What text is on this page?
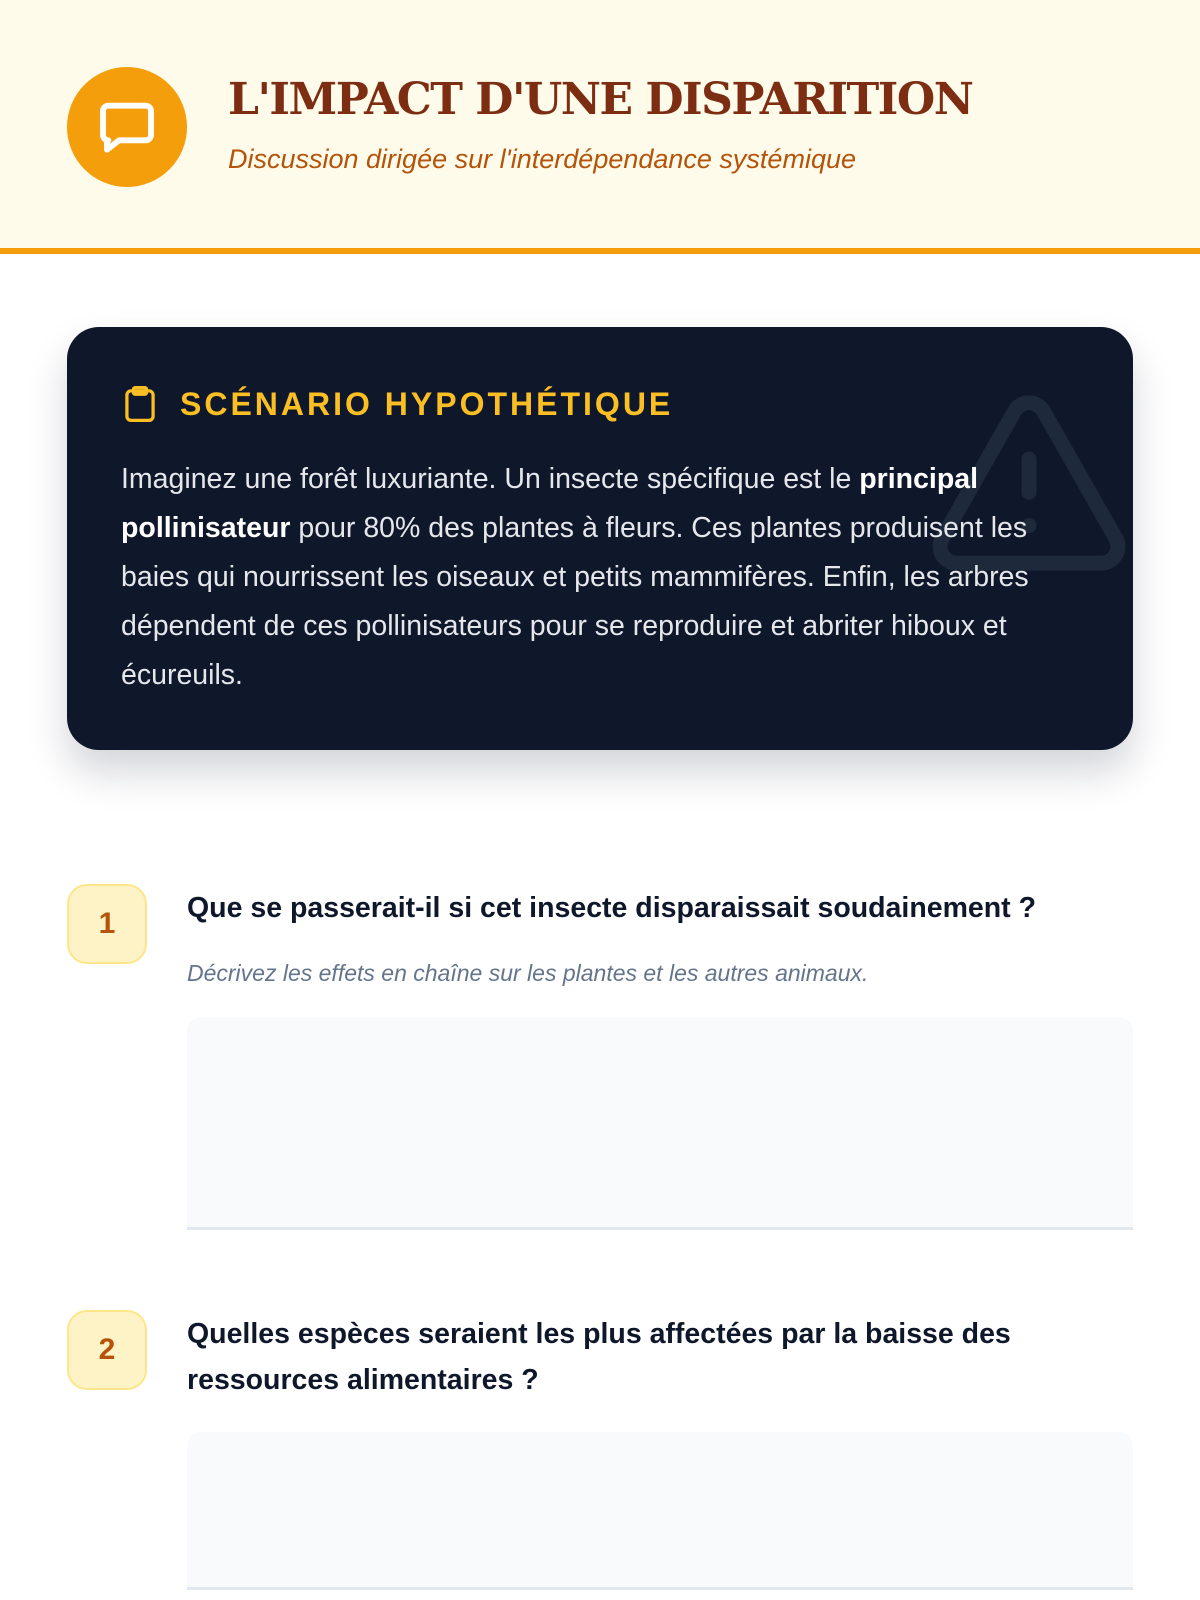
L'IMPACT D'UNE DISPARITION
Discussion dirigée sur l'interdépendance systémique
SCÉNARIO HYPOTHÉTIQUE
Imaginez une forêt luxuriante. Un insecte spécifique est le principal pollinisateur pour 80% des plantes à fleurs. Ces plantes produisent les baies qui nourrissent les oiseaux et petits mammifères. Enfin, les arbres dépendent de ces pollinisateurs pour se reproduire et abriter hiboux et écureuils.
1	Que se passerait-il si cet insecte disparaissait soudainement ?
Décrivez les effets en chaîne sur les plantes et les autres animaux.
2	Quelles espèces seraient les plus affectées par la baisse des ressources alimentaires ?
